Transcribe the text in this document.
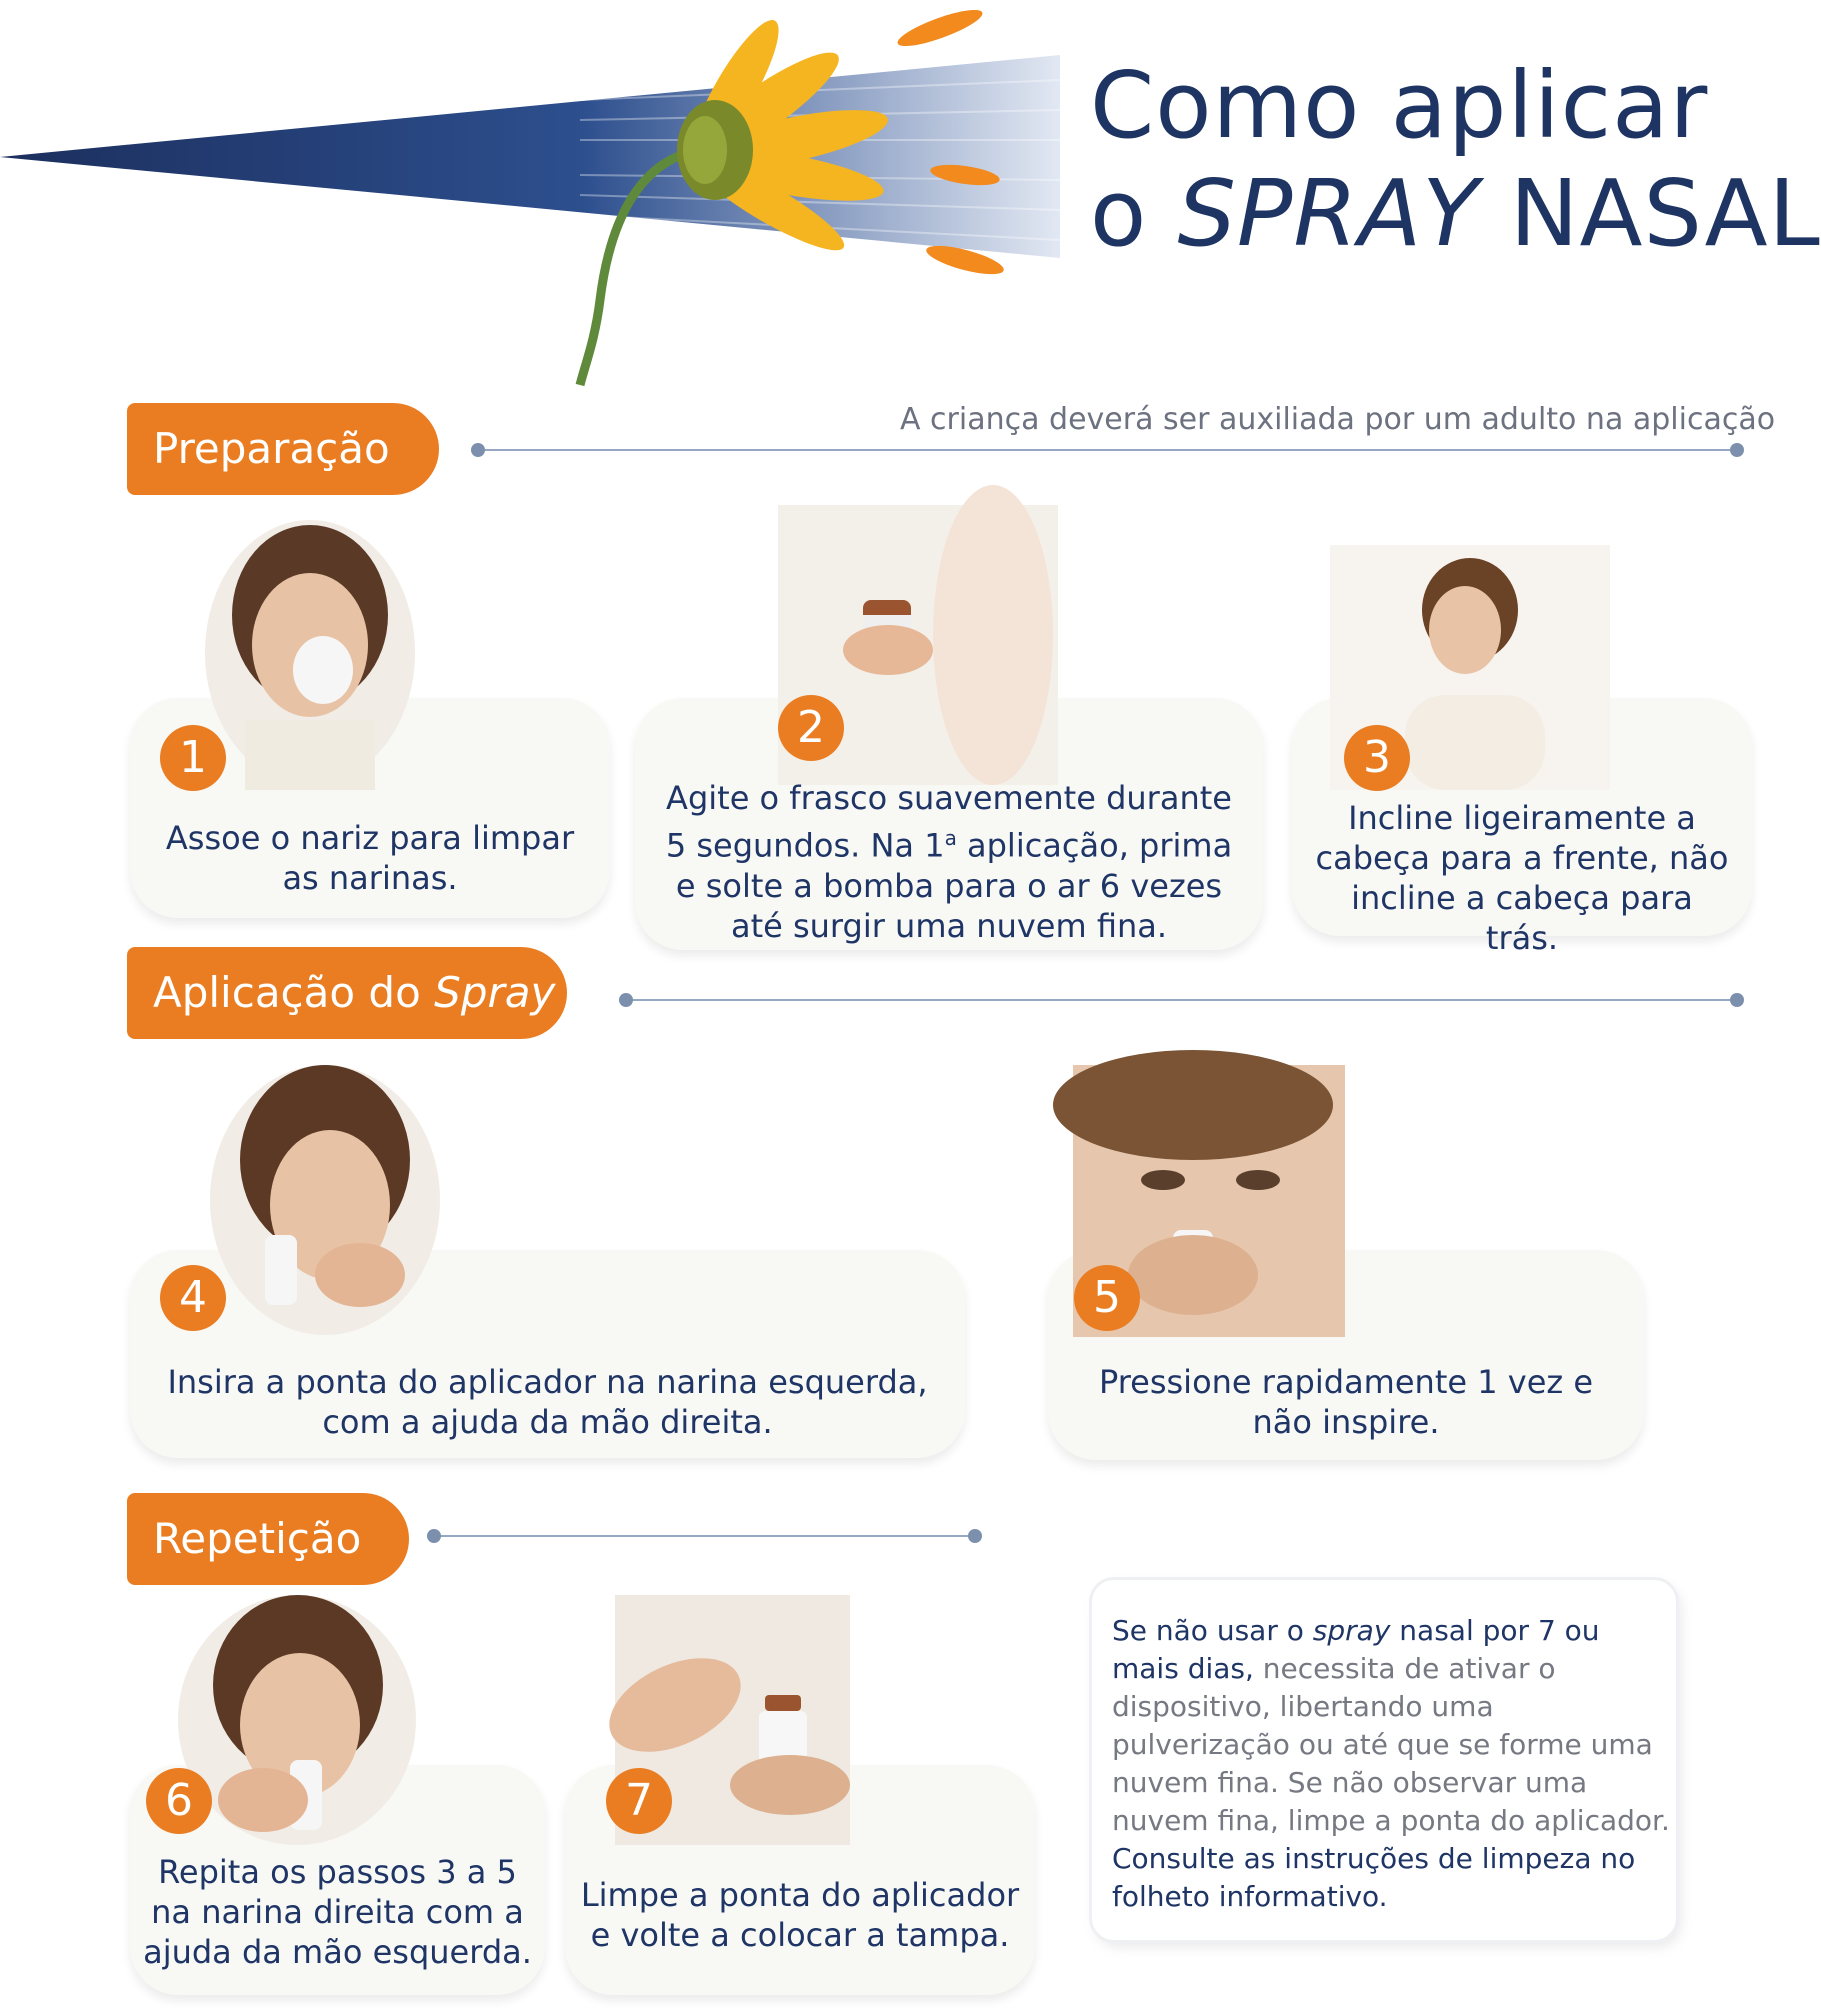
Como aplicar
o SPRAY NASAL
A criança deverá ser auxiliada por um adulto na aplicação
Preparação
1
Assoe o nariz para limpar as narinas.
2
Agite o frasco suavemente durante 5 segundos. Na 1$^a$ aplicação, prima e solte a bomba para o ar 6 vezes até surgir uma nuvem fina.
3
Incline ligeiramente a cabeça para a frente, não incline a cabeça para trás.
Aplicação do Spray
4
Insira a ponta do aplicador na narina esquerda, com a ajuda da mão direita.
5
Pressione rapidamente 1 vez e não inspire.
Repetição
6
Repita os passos 3 a 5 na narina direita com a ajuda da mão esquerda.
7
Limpe a ponta do aplicador e volte a colocar a tampa.
Se não usar o spray nasal por 7 ou mais dias, necessita de ativar o dispositivo, libertando uma pulverização ou até que se forme uma nuvem fina. Se não observar uma nuvem fina, limpe a ponta do aplicador.
Consulte as instruções de limpeza no folheto informativo.
